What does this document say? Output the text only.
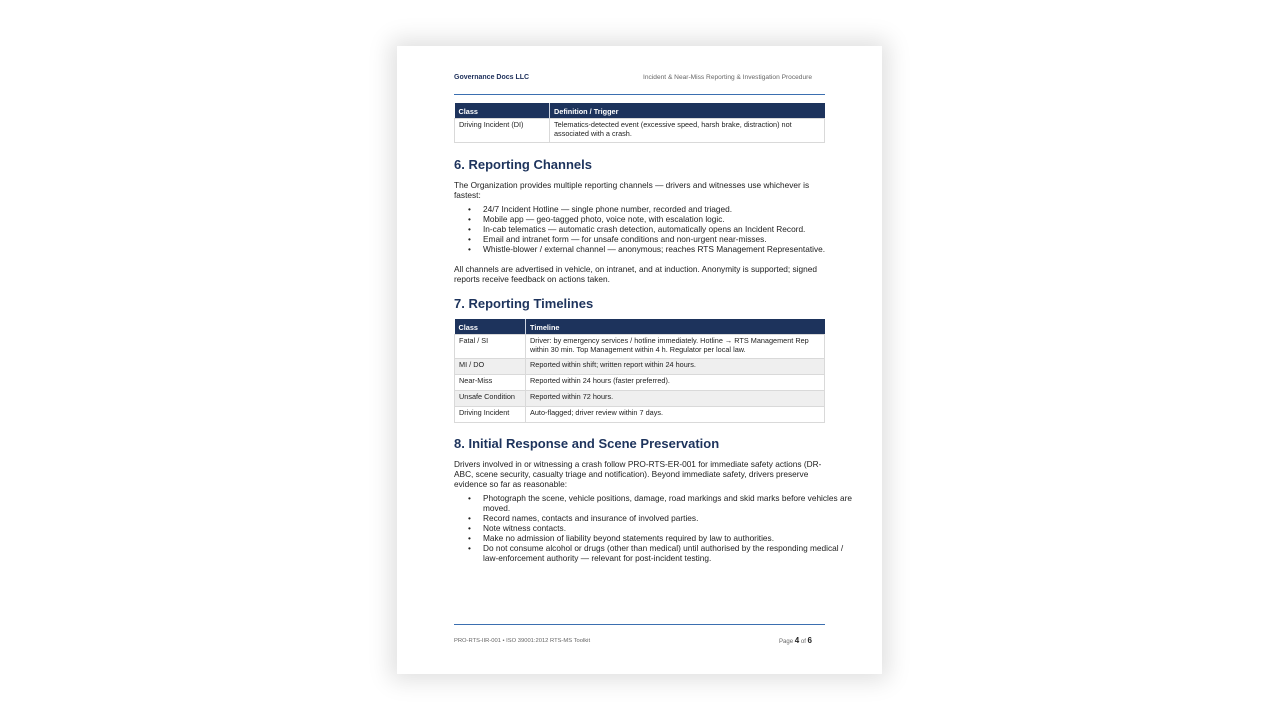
Governance Docs LLC	Incident & Near-Miss Reporting & Investigation Procedure
Class	Definition / Trigger
Driving Incident (DI)	Telematics-detected event (excessive speed, harsh brake, distraction) not associated with a crash.
6. Reporting Channels
The Organization provides multiple reporting channels — drivers and witnesses use whichever is fastest:
• 24/7 Incident Hotline — single phone number, recorded and triaged.
• Mobile app — geo-tagged photo, voice note, with escalation logic.
• In-cab telematics — automatic crash detection, automatically opens an Incident Record.
• Email and intranet form — for unsafe conditions and non-urgent near-misses.
• Whistle-blower / external channel — anonymous; reaches RTS Management Representative.
All channels are advertised in vehicle, on intranet, and at induction. Anonymity is supported; signed reports receive feedback on actions taken.
7. Reporting Timelines
Class	Timeline
Fatal / SI	Driver: by emergency services / hotline immediately. Hotline → RTS Management Rep within 30 min. Top Management within 4 h. Regulator per local law.
MI / DO	Reported within shift; written report within 24 hours.
Near-Miss	Reported within 24 hours (faster preferred).
Unsafe Condition	Reported within 72 hours.
Driving Incident	Auto-flagged; driver review within 7 days.
8. Initial Response and Scene Preservation
Drivers involved in or witnessing a crash follow PRO-RTS-ER-001 for immediate safety actions (DR-ABC, scene security, casualty triage and notification). Beyond immediate safety, drivers preserve evidence so far as reasonable:
• Photograph the scene, vehicle positions, damage, road markings and skid marks before vehicles are moved.
• Record names, contacts and insurance of involved parties.
• Note witness contacts.
• Make no admission of liability beyond statements required by law to authorities.
• Do not consume alcohol or drugs (other than medical) until authorised by the responding medical / law-enforcement authority — relevant for post-incident testing.
PRO-RTS-IIR-001 • ISO 39001:2012 RTS-MS Toolkit	Page 4 of 6
